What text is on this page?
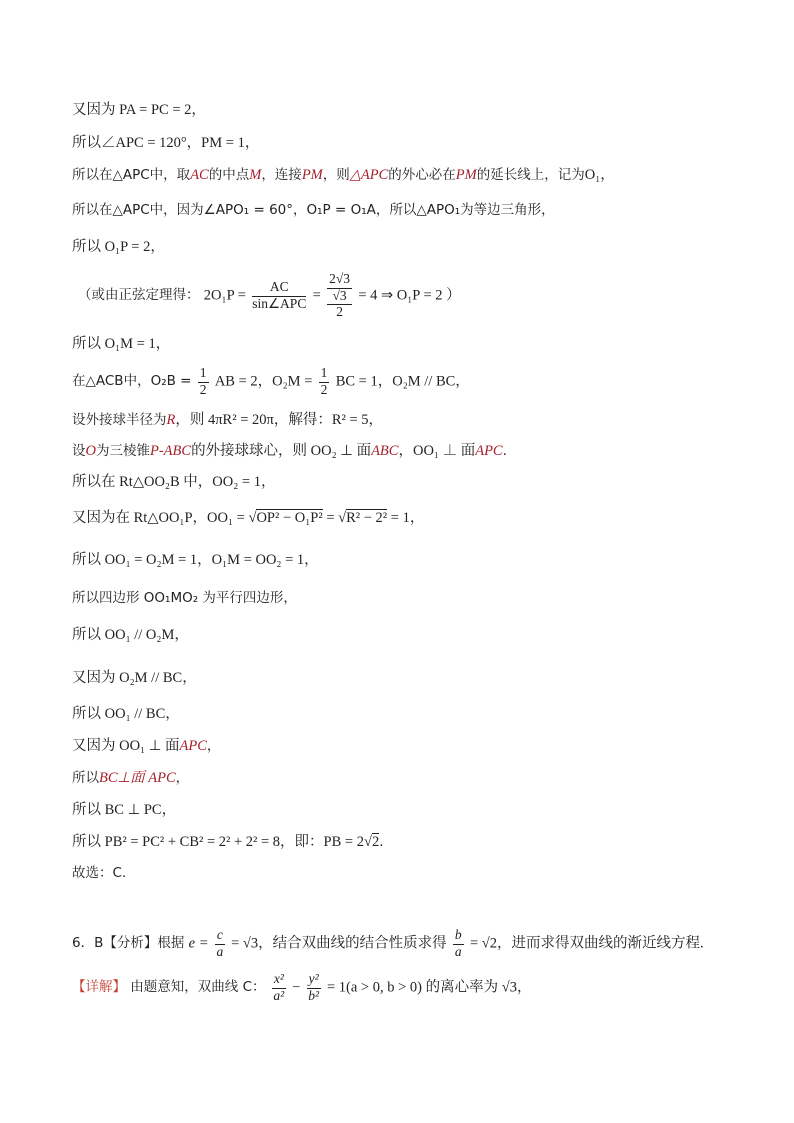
又因为 PA = PC = 2，
所以∠APC = 120°，PM = 1，
所以在△APC中，取AC的中点M，连接PM，则△APC的外心必在PM的延长线上，记为O₁，
所以在△APC中，因为∠APO₁ = 60°，O₁P = O₁A，所以△APO₁为等边三角形，
所以 O₁P = 2，
（或由正弦定理得： $2O_1P = \frac{AC}{\text{sin∠APC}}$ =
2√3
√3
2
= 4 ⇒ O₁P = 2 ）
所以 O₁M = 1，
在△ACB中，$O_2B = \frac{1}{2}$ AB = 2，$O_2M = \frac{1}{2}$ BC = 1，O₂M // BC，
设外接球半径为R，则 4πR² = 20π，解得：R² = 5，
设O为三棱锥P-ABC的外接球球心，则 OO₂ ⊥ 面ABC，OO₁ ⊥ 面APC.
所以在 Rt△OO₂B 中，OO₂ = 1，
又因为在 Rt△OO₁P，OO₁ = √OP² − O₁P² = √R² − 2² = 1，
所以 OO₁ = O₂M = 1，O₁M = OO₂ = 1，
所以四边形 OO₁MO₂ 为平行四边形，
所以 OO₁ // O₂M，
又因为 O₂M // BC，
所以 OO₁ // BC，
又因为 OO₁ ⊥ 面APC，
所以BC⊥面 APC，
所以 BC ⊥ PC，
所以 PB² = PC² + CB² = 2² + 2² = 8，即：PB = 2√2.
故选：C.
6．B【分析】根据 $e = \frac{c}{a} = √3$，结合双曲线的结合性质求得 $\frac{b}{a} = √2$，进而求得双曲线的渐近线方程.
【详解】 由题意知，双曲线 C： $\frac{\text{x²}}{\text{a²}} - \frac{\text{y²}}{\text{b²}} = 1(a > 0$, b > 0) 的离心率为 √3，
